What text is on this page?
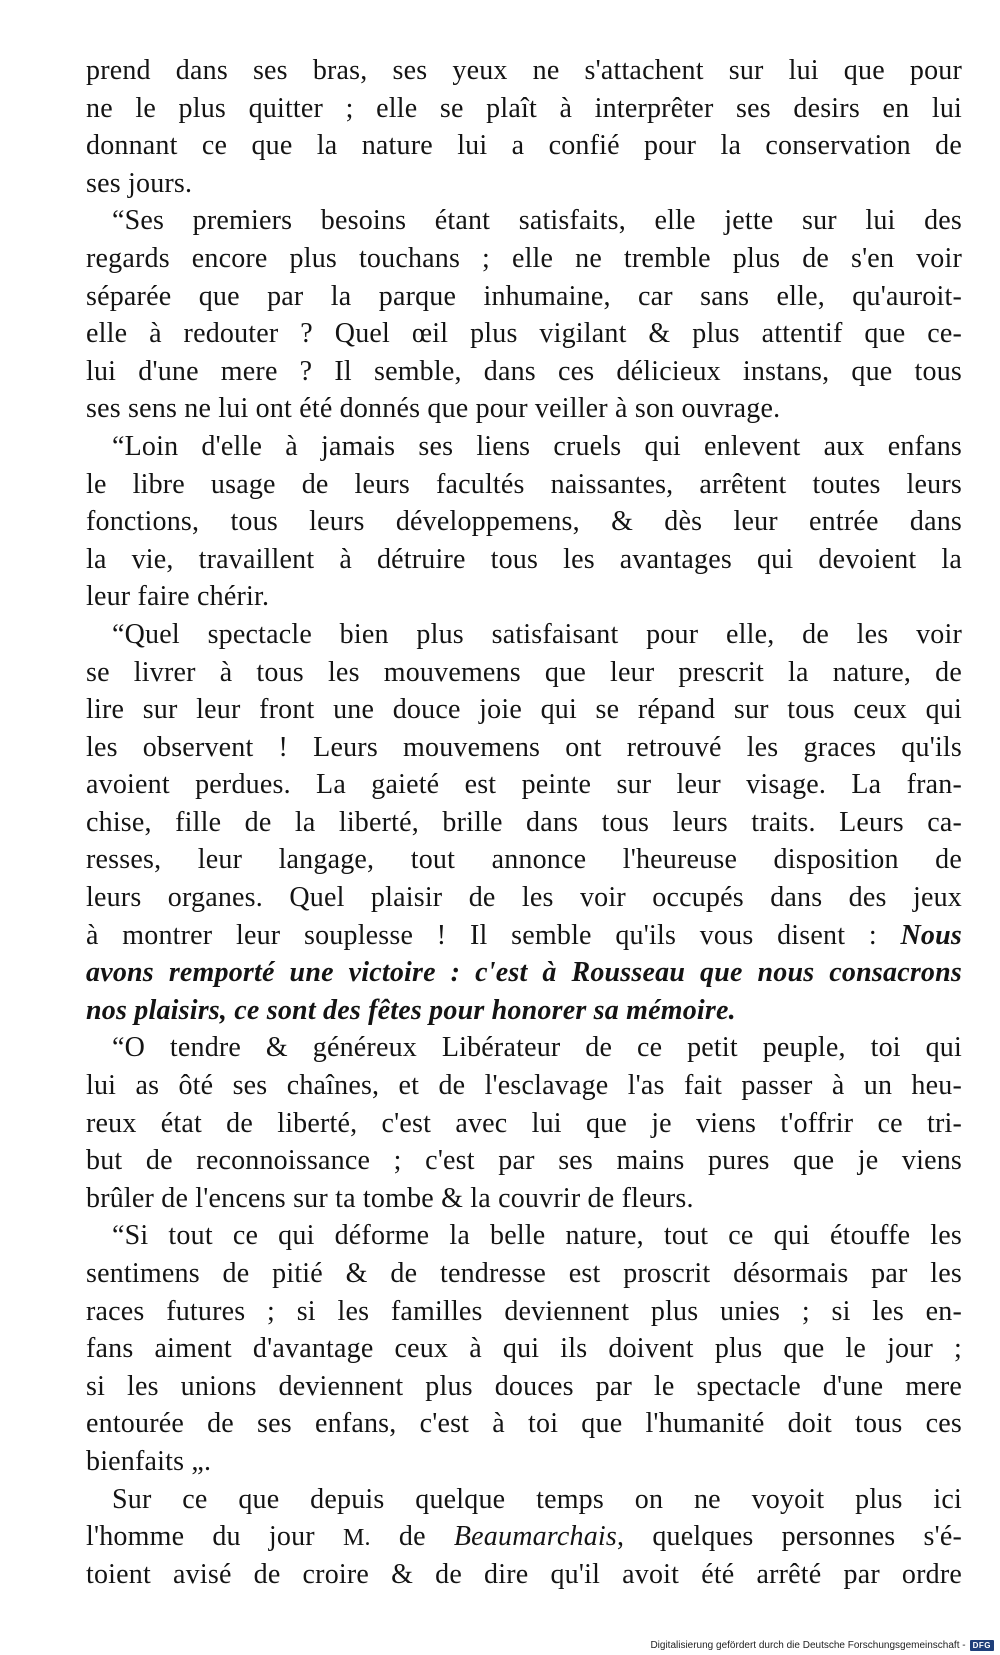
prend dans ses bras, ses yeux ne s'attachent sur lui que pour
ne le plus quitter ; elle se plaît à interprêter ses desirs en lui
donnant ce que la nature lui a confié pour la conservation de
ses jours.
“Ses premiers besoins étant satisfaits, elle jette sur lui des
regards encore plus touchans ; elle ne tremble plus de s'en voir
séparée que par la parque inhumaine, car sans elle, qu'auroit-
elle à redouter ? Quel œil plus vigilant & plus attentif que ce-
lui d'une mere ? Il semble, dans ces délicieux instans, que tous
ses sens ne lui ont été donnés que pour veiller à son ouvrage.
“Loin d'elle à jamais ses liens cruels qui enlevent aux enfans
le libre usage de leurs facultés naissantes, arrêtent toutes leurs
fonctions, tous leurs développemens, & dès leur entrée dans
la vie, travaillent à détruire tous les avantages qui devoient la
leur faire chérir.
“Quel spectacle bien plus satisfaisant pour elle, de les voir
se livrer à tous les mouvemens que leur prescrit la nature, de
lire sur leur front une douce joie qui se répand sur tous ceux qui
les observent ! Leurs mouvemens ont retrouvé les graces qu'ils
avoient perdues. La gaieté est peinte sur leur visage. La fran-
chise, fille de la liberté, brille dans tous leurs traits. Leurs ca-
resses, leur langage, tout annonce l'heureuse disposition de
leurs organes. Quel plaisir de les voir occupés dans des jeux
à montrer leur souplesse ! Il semble qu'ils vous disent : Nous
avons remporté une victoire : c'est à Rousseau que nous consacrons
nos plaisirs, ce sont des fêtes pour honorer sa mémoire.
“O tendre & généreux Libérateur de ce petit peuple, toi qui
lui as ôté ses chaînes, et de l'esclavage l'as fait passer à un heu-
reux état de liberté, c'est avec lui que je viens t'offrir ce tri-
but de reconnoissance ; c'est par ses mains pures que je viens
brûler de l'encens sur ta tombe & la couvrir de fleurs.
“Si tout ce qui déforme la belle nature, tout ce qui étouffe les
sentimens de pitié & de tendresse est proscrit désormais par les
races futures ; si les familles deviennent plus unies ; si les en-
fans aiment d'avantage ceux à qui ils doivent plus que le jour ;
si les unions deviennent plus douces par le spectacle d'une mere
entourée de ses enfans, c'est à toi que l'humanité doit tous ces
bienfaits „.
Sur ce que depuis quelque temps on ne voyoit plus ici
l'homme du jour M. de Beaumarchais, quelques personnes s'é-
toient avisé de croire & de dire qu'il avoit été arrêté par ordre
Digitalisierung gefördert durch die Deutsche Forschungsgemeinschaft - DFG
